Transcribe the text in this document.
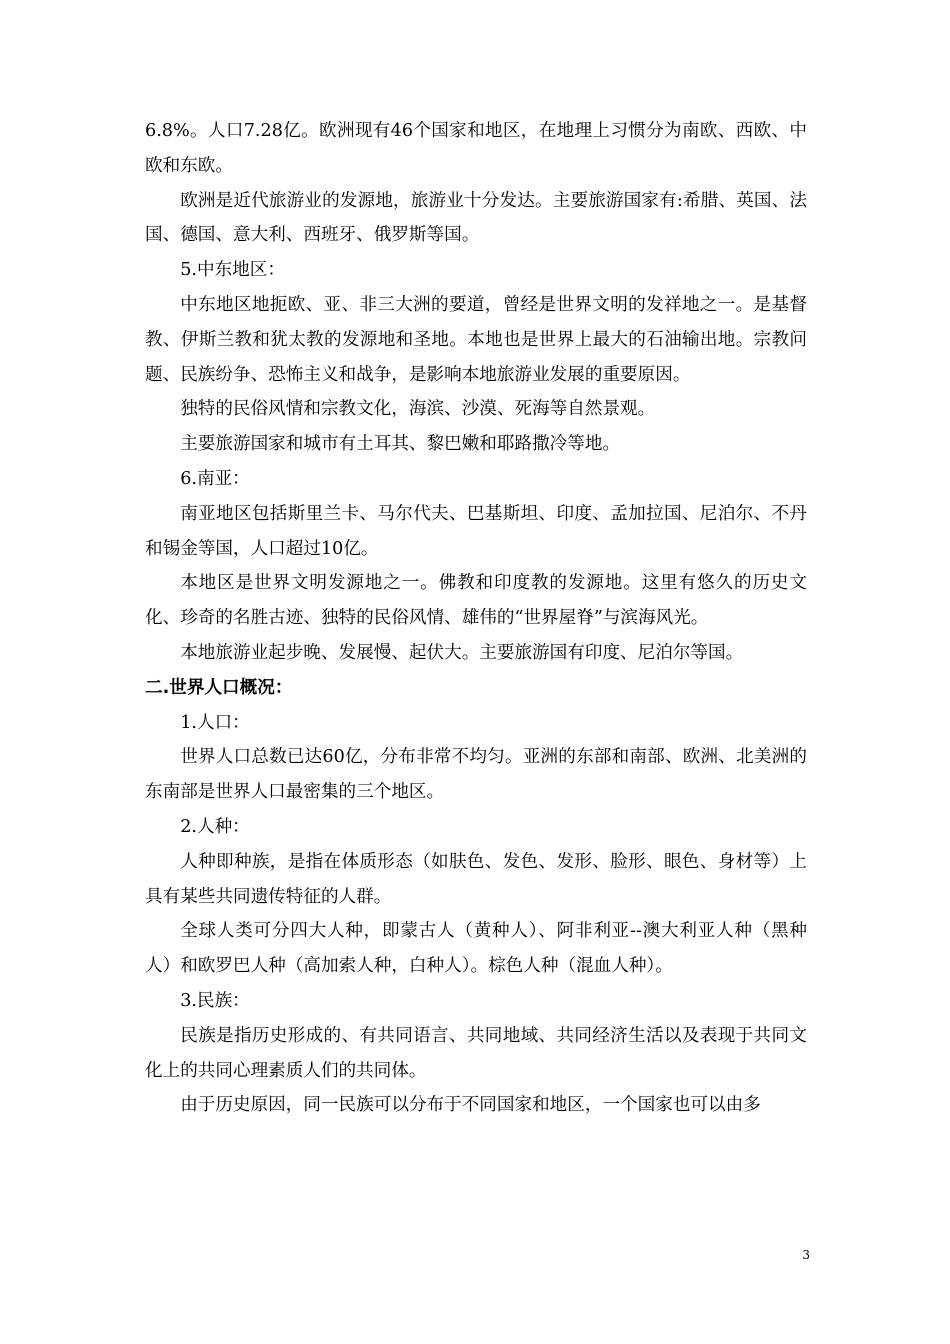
6.8%。人口7.28亿。欧洲现有46个国家和地区，在地理上习惯分为南欧、西欧、中欧和东欧。

欧洲是近代旅游业的发源地，旅游业十分发达。主要旅游国家有:希腊、英国、法国、德国、意大利、西班牙、俄罗斯等国。

5.中东地区：

中东地区地扼欧、亚、非三大洲的要道，曾经是世界文明的发祥地之一。是基督教、伊斯兰教和犹太教的发源地和圣地。本地也是世界上最大的石油输出地。宗教问题、民族纷争、恐怖主义和战争，是影响本地旅游业发展的重要原因。

独特的民俗风情和宗教文化，海滨、沙漠、死海等自然景观。

主要旅游国家和城市有土耳其、黎巴嫩和耶路撒冷等地。

6.南亚：

南亚地区包括斯里兰卡、马尔代夫、巴基斯坦、印度、孟加拉国、尼泊尔、不丹和锡金等国，人口超过10亿。

本地区是世界文明发源地之一。佛教和印度教的发源地。这里有悠久的历史文化、珍奇的名胜古迹、独特的民俗风情、雄伟的“世界屋脊”与滨海风光。

本地旅游业起步晚、发展慢、起伏大。主要旅游国有印度、尼泊尔等国。

二.世界人口概况：

1.人口：

世界人口总数已达60亿，分布非常不均匀。亚洲的东部和南部、欧洲、北美洲的东南部是世界人口最密集的三个地区。

2.人种：

人种即种族，是指在体质形态（如肤色、发色、发形、脸形、眼色、身材等）上具有某些共同遗传特征的人群。

全球人类可分四大人种，即蒙古人（黄种人）、阿非利亚--澳大利亚人种（黑种人）和欧罗巴人种（高加索人种，白种人）。棕色人种（混血人种）。

3.民族：

民族是指历史形成的、有共同语言、共同地域、共同经济生活以及表现于共同文化上的共同心理素质人们的共同体。

由于历史原因，同一民族可以分布于不同国家和地区，一个国家也可以由多

3
